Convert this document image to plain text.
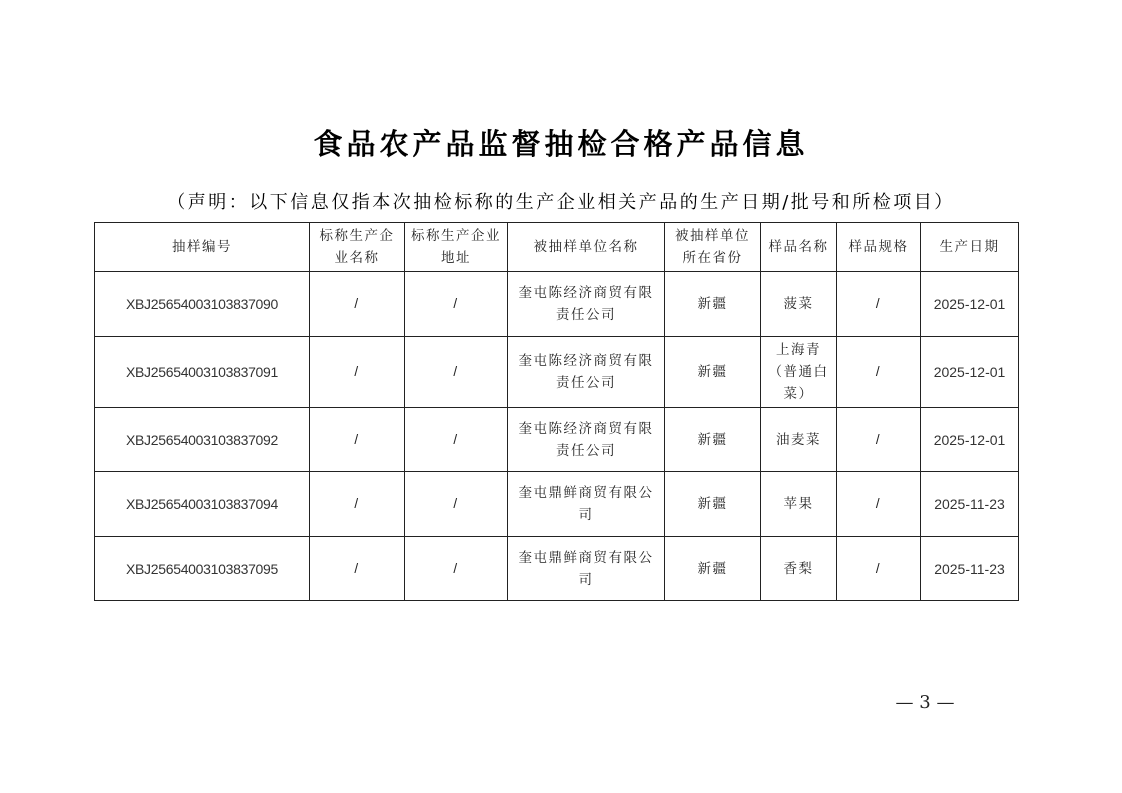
食品农产品监督抽检合格产品信息
（声明：以下信息仅指本次抽检标称的生产企业相关产品的生产日期/批号和所检项目）
抽样编号	标称生产企业名称	标称生产企业地址	被抽样单位名称	被抽样单位所在省份	样品名称	样品规格	生产日期
XBJ25654003103837090	/	/	奎屯陈经济商贸有限责任公司	新疆	菠菜	/	2025-12-01
XBJ25654003103837091	/	/	奎屯陈经济商贸有限责任公司	新疆	上海青（普通白菜）	/	2025-12-01
XBJ25654003103837092	/	/	奎屯陈经济商贸有限责任公司	新疆	油麦菜	/	2025-12-01
XBJ25654003103837094	/	/	奎屯鼎鲜商贸有限公司	新疆	苹果	/	2025-11-23
XBJ25654003103837095	/	/	奎屯鼎鲜商贸有限公司	新疆	香梨	/	2025-11-23
— 3 —
